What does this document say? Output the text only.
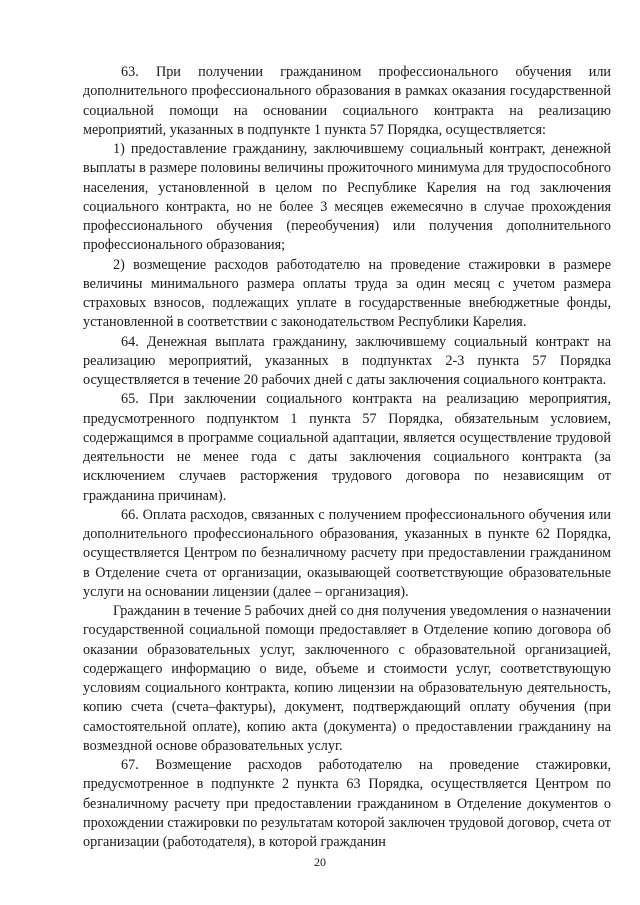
63. При получении гражданином профессионального обучения или дополнительного профессионального образования в рамках оказания государственной социальной помощи на основании социального контракта на реализацию мероприятий, указанных в подпункте 1 пункта 57 Порядка, осуществляется:

1) предоставление гражданину, заключившему социальный контракт, денежной выплаты в размере половины величины прожиточного минимума для трудоспособного населения, установленной в целом по Республике Карелия на год заключения социального контракта, но не более 3 месяцев ежемесячно в случае прохождения профессионального обучения (переобучения) или получения дополнительного профессионального образования;

2) возмещение расходов работодателю на проведение стажировки в размере величины минимального размера оплаты труда за один месяц с учетом размера страховых взносов, подлежащих уплате в государственные внебюджетные фонды, установленной в соответствии с законодательством Республики Карелия.

64. Денежная выплата гражданину, заключившему социальный контракт на реализацию мероприятий, указанных в подпунктах 2-3 пункта 57 Порядка осуществляется в течение 20 рабочих дней с даты заключения социального контракта.

65. При заключении социального контракта на реализацию мероприятия, предусмотренного подпунктом 1 пункта 57 Порядка, обязательным условием, содержащимся в программе социальной адаптации, является осуществление трудовой деятельности не менее года с даты заключения социального контракта (за исключением случаев расторжения трудового договора по независящим от гражданина причинам).

66. Оплата расходов, связанных с получением профессионального обучения или дополнительного профессионального образования, указанных в пункте 62 Порядка, осуществляется Центром по безналичному расчету при предоставлении гражданином в Отделение счета от организации, оказывающей соответствующие образовательные услуги на основании лицензии (далее – организация).

Гражданин в течение 5 рабочих дней со дня получения уведомления о назначении государственной социальной помощи предоставляет в Отделение копию договора об оказании образовательных услуг, заключенного с образовательной организацией, содержащего информацию о виде, объеме и стоимости услуг, соответствующую условиям социального контракта, копию лицензии на образовательную деятельность, копию счета (счета–фактуры), документ, подтверждающий оплату обучения (при самостоятельной оплате), копию акта (документа) о предоставлении гражданину на возмездной основе образовательных услуг.

67. Возмещение расходов работодателю на проведение стажировки, предусмотренное в подпункте 2 пункта 63 Порядка, осуществляется Центром по безналичному расчету при предоставлении гражданином в Отделение документов о прохождении стажировки по результатам которой заключен трудовой договор, счета от организации (работодателя), в которой гражданин

20
